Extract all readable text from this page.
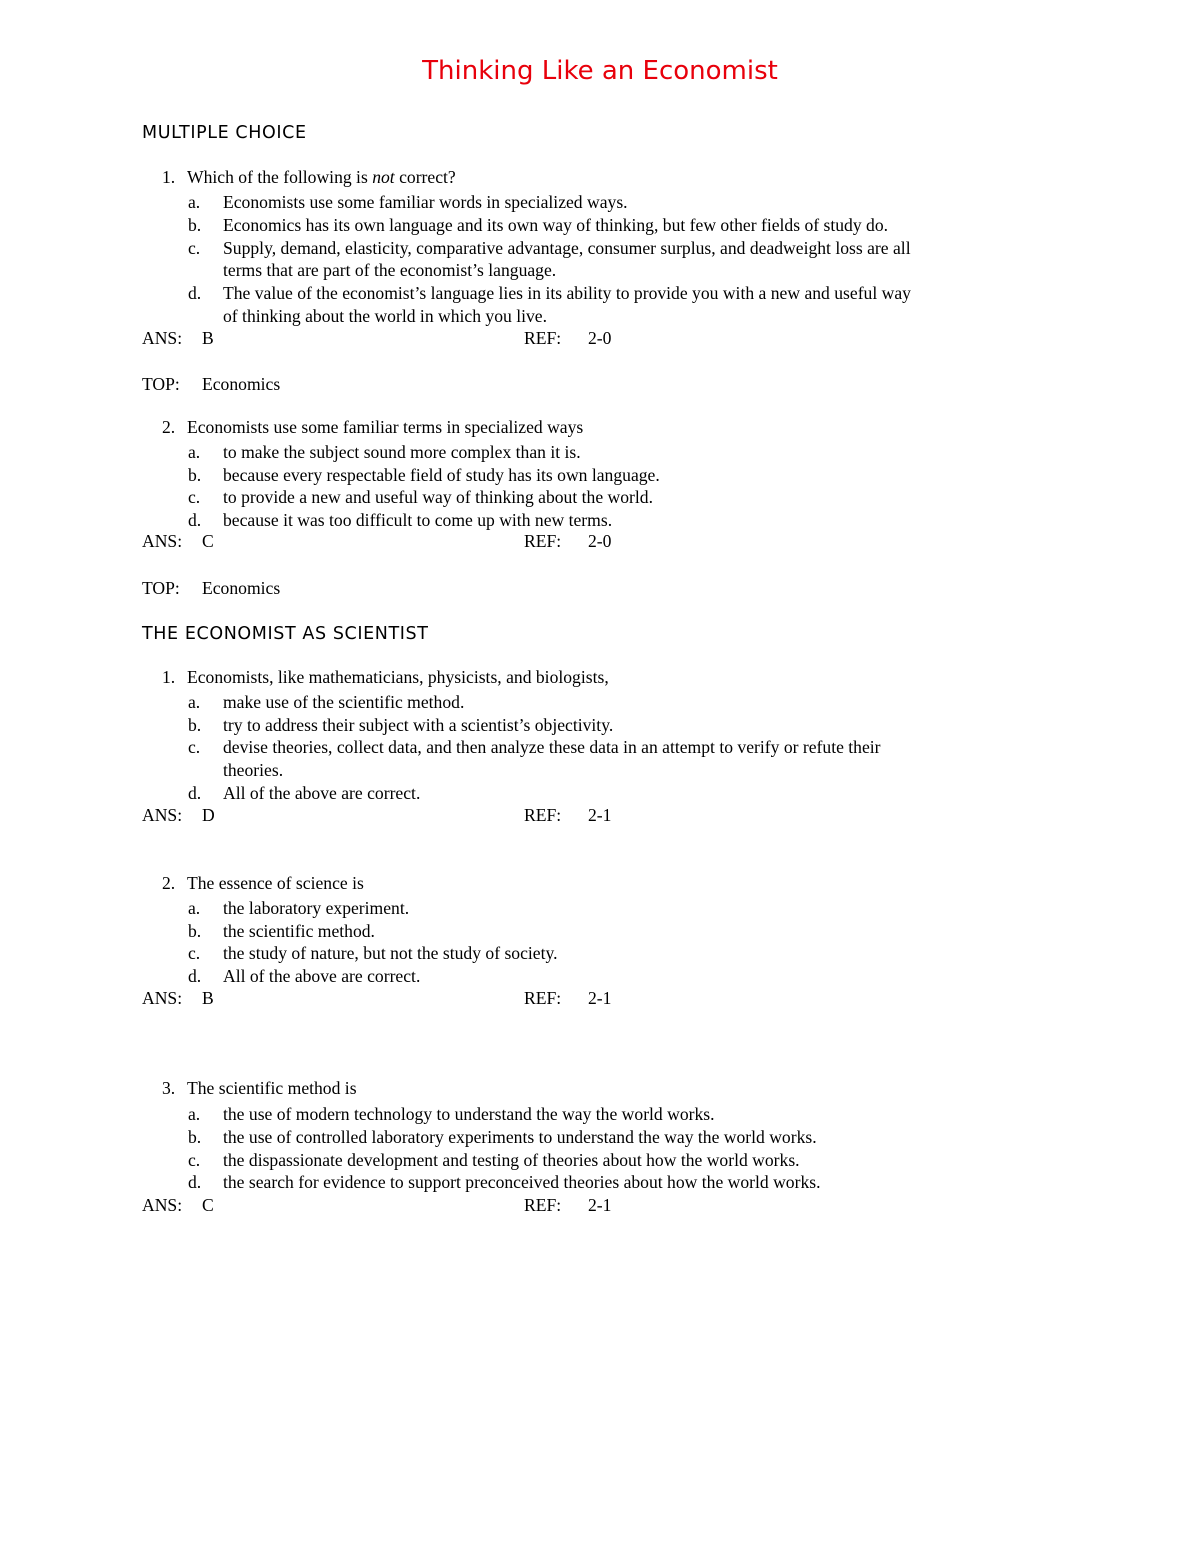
Thinking Like an Economist
MULTIPLE CHOICE
1. Which of the following is not correct?
a. Economists use some familiar words in specialized ways.
b. Economics has its own language and its own way of thinking, but few other fields of study do.
c. Supply, demand, elasticity, comparative advantage, consumer surplus, and deadweight loss are all
terms that are part of the economist’s language.
d. The value of the economist’s language lies in its ability to provide you with a new and useful way
of thinking about the world in which you live.
ANS: B	REF: 2-0
TOP: Economics
2. Economists use some familiar terms in specialized ways
a. to make the subject sound more complex than it is.
b. because every respectable field of study has its own language.
c. to provide a new and useful way of thinking about the world.
d. because it was too difficult to come up with new terms.
ANS: C	REF: 2-0
TOP: Economics
THE ECONOMIST AS SCIENTIST
1. Economists, like mathematicians, physicists, and biologists,
a. make use of the scientific method.
b. try to address their subject with a scientist’s objectivity.
c. devise theories, collect data, and then analyze these data in an attempt to verify or refute their
theories.
d. All of the above are correct.
ANS: D	REF: 2-1
2. The essence of science is
a. the laboratory experiment.
b. the scientific method.
c. the study of nature, but not the study of society.
d. All of the above are correct.
ANS: B	REF: 2-1
3. The scientific method is
a. the use of modern technology to understand the way the world works.
b. the use of controlled laboratory experiments to understand the way the world works.
c. the dispassionate development and testing of theories about how the world works.
d. the search for evidence to support preconceived theories about how the world works.
ANS: C	REF: 2-1
